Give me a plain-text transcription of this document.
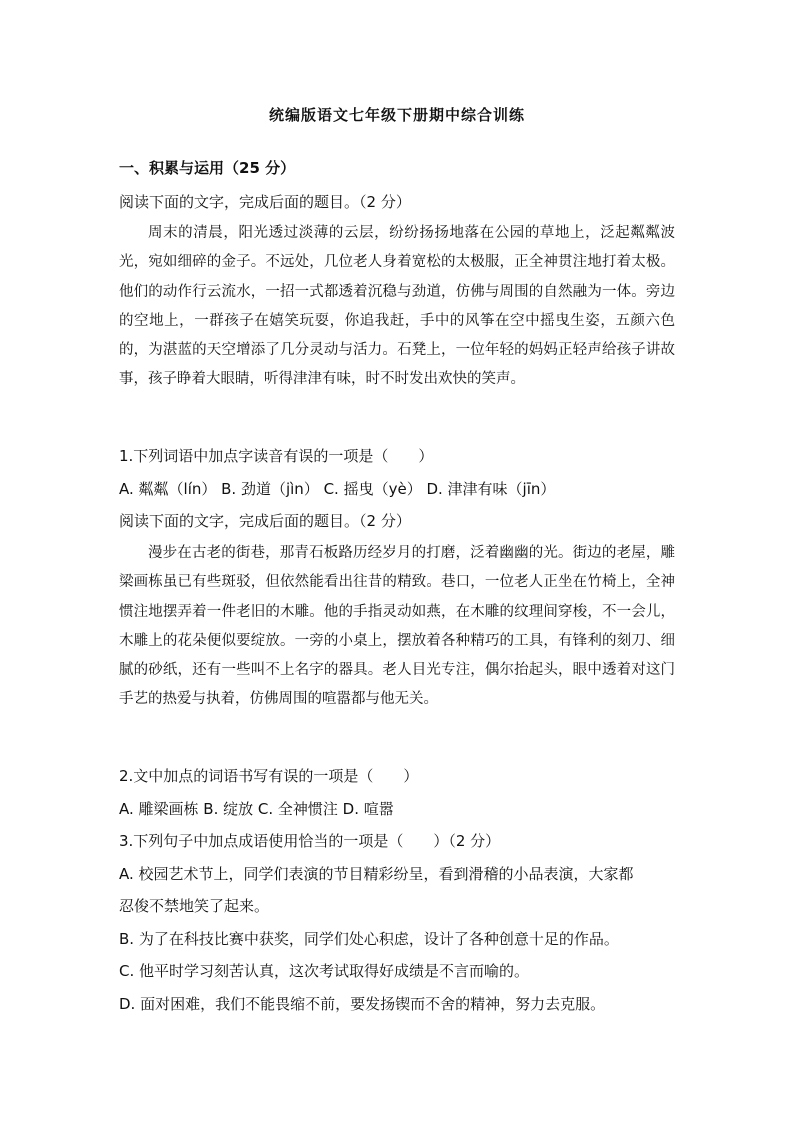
统编版语文七年级下册期中综合训练
一、积累与运用（25 分）
阅读下面的文字，完成后面的题目。（2 分）

周末的清晨，阳光透过淡薄的云层，纷纷扬扬地落在公园的草地上，泛起粼粼波光，宛如细碎的金子。不远处，几位老人身着宽松的太极服，正全神贯注地打着太极。他们的动作行云流水，一招一式都透着沉稳与劲道，仿佛与周围的自然融为一体。旁边的空地上，一群孩子在嬉笑玩耍，你追我赶，手中的风筝在空中摇曳生姿，五颜六色的，为湛蓝的天空增添了几分灵动与活力。石凳上，一位年轻的妈妈正轻声给孩子讲故事，孩子睁着大眼睛，听得津津有味，时不时发出欢快的笑声。

1.下列词语中加点字读音有误的一项是（　　）
A. 粼粼（lín） B. 劲道（jìn） C. 摇曳（yè） D. 津津有味（jīn）
阅读下面的文字，完成后面的题目。（2 分）

漫步在古老的街巷，那青石板路历经岁月的打磨，泛着幽幽的光。街边的老屋，雕梁画栋虽已有些斑驳，但依然能看出往昔的精致。巷口，一位老人正坐在竹椅上，全神惯注地摆弄着一件老旧的木雕。他的手指灵动如燕，在木雕的纹理间穿梭，不一会儿，木雕上的花朵便似要绽放。一旁的小桌上，摆放着各种精巧的工具，有锋利的刻刀、细腻的砂纸，还有一些叫不上名字的器具。老人目光专注，偶尔抬起头，眼中透着对这门手艺的热爱与执着，仿佛周围的喧嚣都与他无关。

2.文中加点的词语书写有误的一项是（　　）
A. 雕梁画栋 B. 绽放 C. 全神惯注 D. 喧嚣
3.下列句子中加点成语使用恰当的一项是（　　）（2 分）
A. 校园艺术节上，同学们表演的节目精彩纷呈，看到滑稽的小品表演，大家都
忍俊不禁地笑了起来。
B. 为了在科技比赛中获奖，同学们处心积虑，设计了各种创意十足的作品。
C. 他平时学习刻苦认真，这次考试取得好成绩是不言而喻的。
D. 面对困难，我们不能畏缩不前，要发扬锲而不舍的精神，努力去克服。
